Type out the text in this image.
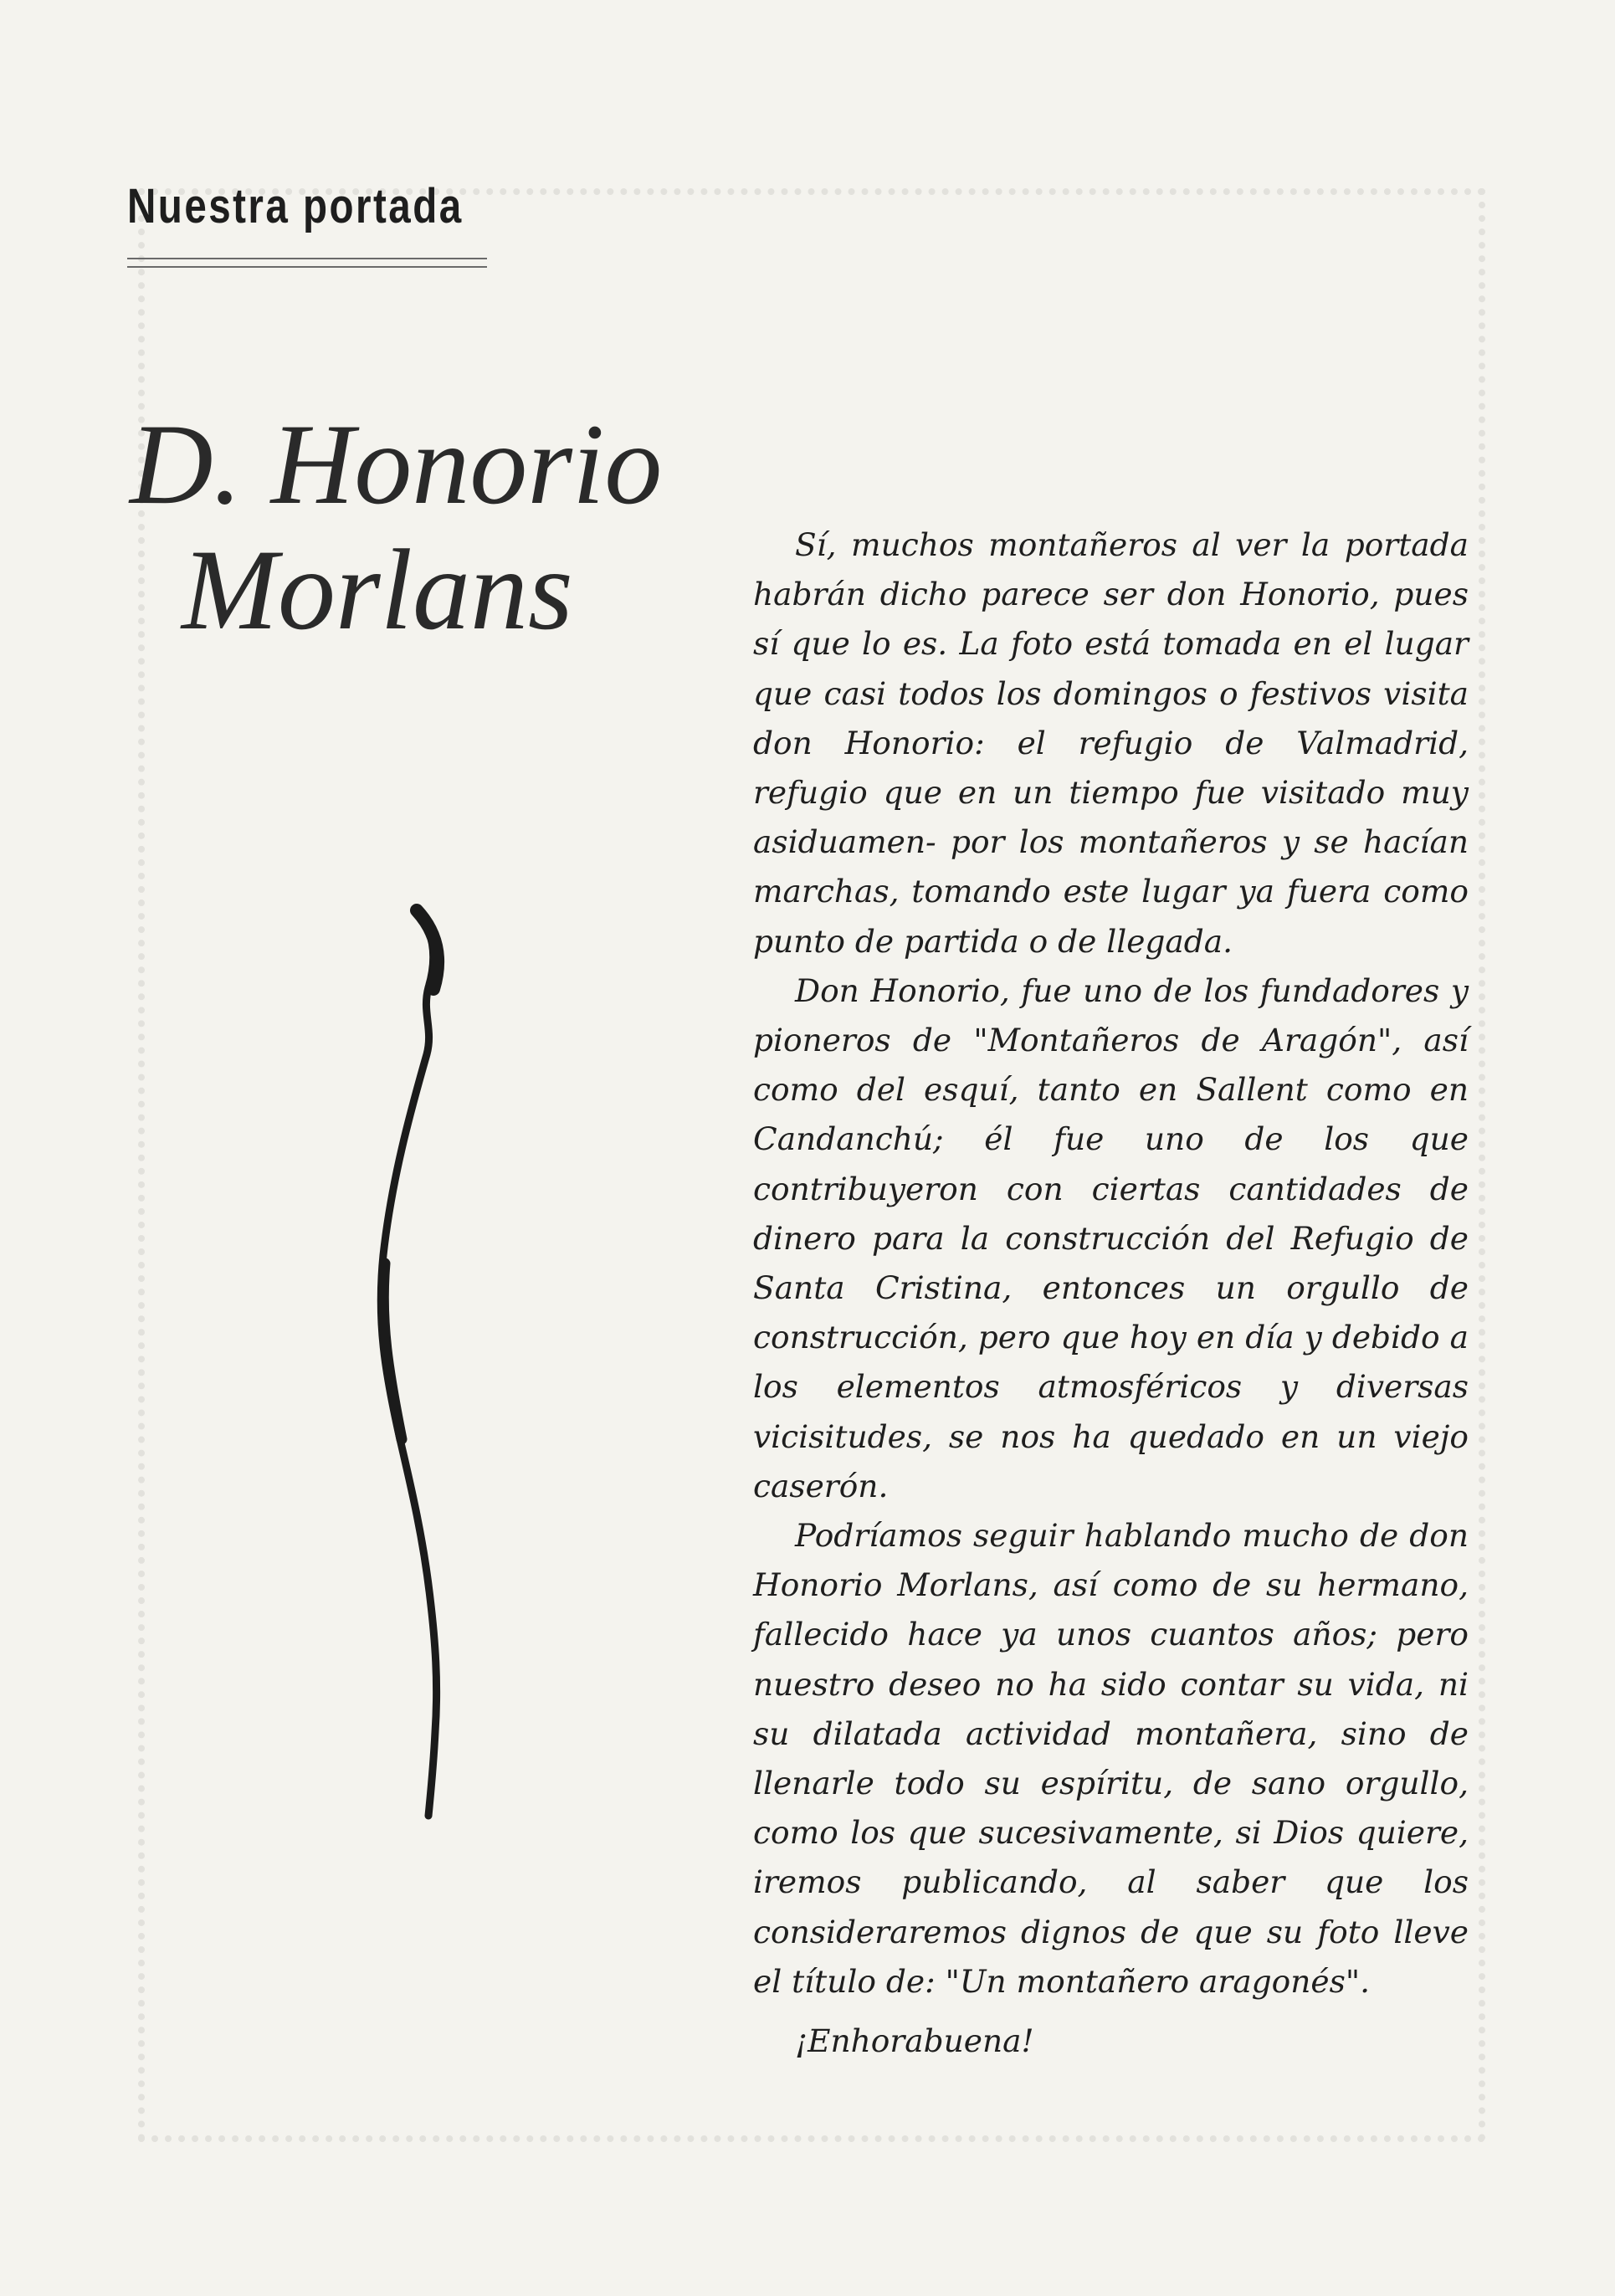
Nuestra portada
D. Honorio
Morlans	Sí, muchos montañeros al ver la portada habrán dicho parece ser don Honorio, pues sí que lo es. La foto está tomada en el lugar que casi todos los domingos o festivos visita don Honorio: el refugio de Valmadrid, refugio que en un tiempo fue visitado muy asiduamen- por los montañeros y se hacían marchas, tomando este lugar ya fuera como punto de partida o de llegada.

Don Honorio, fue uno de los fundadores y pioneros de "Montañeros de Aragón", así como del esquí, tanto en Sallent como en Candanchú; él fue uno de los que contribuyeron con ciertas cantidades de dinero para la construcción del Refugio de Santa Cristina, entonces un orgullo de construcción, pero que hoy en día y debido a los elementos atmosféricos y diversas vicisitudes, se nos ha quedado en un viejo caserón.

Podríamos seguir hablando mucho de don Honorio Morlans, así como de su hermano, fallecido hace ya unos cuantos años; pero nuestro deseo no ha sido contar su vida, ni su dilatada actividad montañera, sino de llenarle todo su espíritu, de sano orgullo, como los que sucesivamente, si Dios quiere, iremos publicando, al saber que los consideraremos dignos de que su foto lleve el título de: "Un montañero aragonés".

¡Enhorabuena!
